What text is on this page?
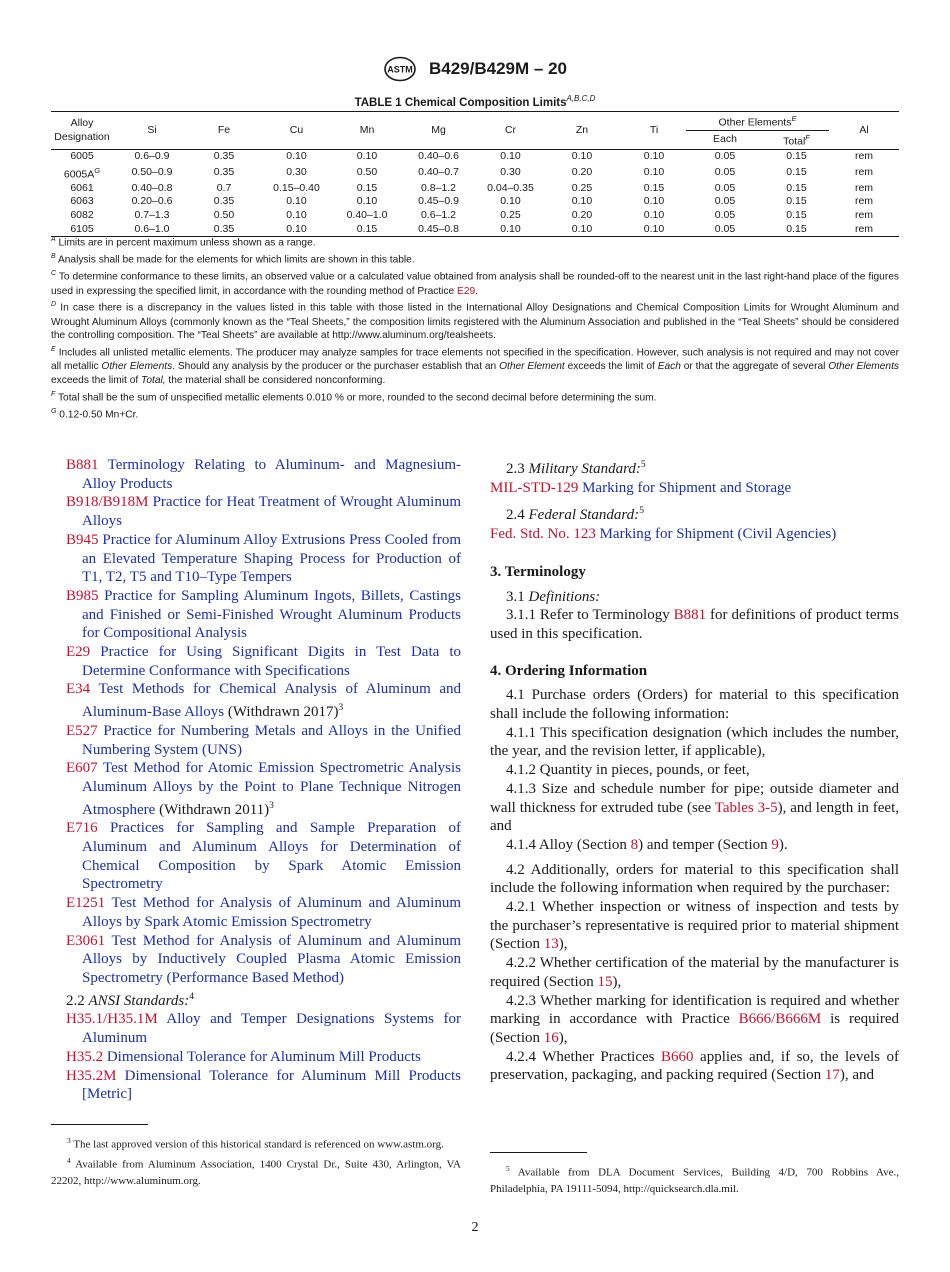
ASTM B429/B429M – 20
TABLE 1 Chemical Composition Limits$^{A,B,C,D}$
Alloy
Designation	Si	Fe	Cu	Mn	Mg	Cr	Zn	Ti	Other Elements$^E$		Al
									Each	Total$^F$
6005	0.6–0.9	0.35	0.10	0.10	0.40–0.6	0.10	0.10	0.10	0.05	0.15	rem
$6005A^G$	0.50–0.9	0.35	0.30	0.50	0.40–0.7	0.30	0.20	0.10	0.05	0.15	rem
6061	0.40–0.8	0.7	0.15–0.40	0.15	0.8–1.2	0.04–0.35	0.25	0.15	0.05	0.15	rem
6063	0.20–0.6	0.35	0.10	0.10	0.45–0.9	0.10	0.10	0.10	0.05	0.15	rem
6082	0.7–1.3	0.50	0.10	0.40–1.0	0.6–1.2	0.25	0.20	0.10	0.05	0.15	rem
6105	0.6–1.0	0.35	0.10	0.15	0.45–0.8	0.10	0.10	0.10	0.05	0.15	rem

$^A$ Limits are in percent maximum unless shown as a range.

$^B$ Analysis shall be made for the elements for which limits are shown in this table.

$^C$ To determine conformance to these limits, an observed value or a calculated value obtained from analysis shall be rounded-off to the nearest unit in the last right-hand place of the figures used in expressing the specified limit, in accordance with the rounding method of Practice E29.

$^D$ In case there is a discrepancy in the values listed in this table with those listed in the International Alloy Designations and Chemical Composition Limits for Wrought Aluminum and Wrought Aluminum Alloys (commonly known as the “Teal Sheets,” the composition limits registered with the Aluminum Association and published in the “Teal Sheets” should be considered the controlling composition. The “Teal Sheets” are available at http://www.aluminum.org/tealsheets.

$^E$ Includes all unlisted metallic elements. The producer may analyze samples for trace elements not specified in the specification. However, such analysis is not required and may not cover all metallic Other Elements. Should any analysis by the producer or the purchaser establish that an Other Element exceeds the limit of Each or that the aggregate of several Other Elements exceeds the limit of Total, the material shall be considered nonconforming.

$^F$ Total shall be the sum of unspecified metallic elements 0.010 % or more, rounded to the second decimal before determining the sum.

$^G$ 0.12-0.50 Mn+Cr.

B881 Terminology Relating to Aluminum- and Magnesium-Alloy Products

B918/B918M Practice for Heat Treatment of Wrought Aluminum Alloys

B945 Practice for Aluminum Alloy Extrusions Press Cooled from an Elevated Temperature Shaping Process for Production of T1, T2, T5 and T10–Type Tempers

B985 Practice for Sampling Aluminum Ingots, Billets, Castings and Finished or Semi-Finished Wrought Aluminum Products for Compositional Analysis

E29 Practice for Using Significant Digits in Test Data to Determine Conformance with Specifications

E34 Test Methods for Chemical Analysis of Aluminum and Aluminum-Base Alloys (Withdrawn 2017)$^3$

E527 Practice for Numbering Metals and Alloys in the Unified Numbering System (UNS)

E607 Test Method for Atomic Emission Spectrometric Analysis Aluminum Alloys by the Point to Plane Technique Nitrogen Atmosphere (Withdrawn 2011)$^3$

E716 Practices for Sampling and Sample Preparation of Aluminum and Aluminum Alloys for Determination of Chemical Composition by Spark Atomic Emission Spectrometry

E1251 Test Method for Analysis of Aluminum and Aluminum Alloys by Spark Atomic Emission Spectrometry

E3061 Test Method for Analysis of Aluminum and Aluminum Alloys by Inductively Coupled Plasma Atomic Emission Spectrometry (Performance Based Method)

2.2 ANSI Standards:$^4$

H35.1/H35.1M Alloy and Temper Designations Systems for Aluminum

H35.2 Dimensional Tolerance for Aluminum Mill Products

H35.2M Dimensional Tolerance for Aluminum Mill Products [Metric]

2.3 Military Standard:$^5$

MIL-STD-129 Marking for Shipment and Storage

2.4 Federal Standard:$^5$

Fed. Std. No. 123 Marking for Shipment (Civil Agencies)

3. Terminology

3.1 Definitions:

3.1.1 Refer to Terminology B881 for definitions of product terms used in this specification.

4. Ordering Information

4.1 Purchase orders (Orders) for material to this specification shall include the following information:

4.1.1 This specification designation (which includes the number, the year, and the revision letter, if applicable),

4.1.2 Quantity in pieces, pounds, or feet,

4.1.3 Size and schedule number for pipe; outside diameter and wall thickness for extruded tube (see Tables 3-5), and length in feet, and

4.1.4 Alloy (Section 8) and temper (Section 9).

4.2 Additionally, orders for material to this specification shall include the following information when required by the purchaser:

4.2.1 Whether inspection or witness of inspection and tests by the purchaser’s representative is required prior to material shipment (Section 13),

4.2.2 Whether certification of the material by the manufacturer is required (Section 15),

4.2.3 Whether marking for identification is required and whether marking in accordance with Practice B666/B666M is required (Section 16),

4.2.4 Whether Practices B660 applies and, if so, the levels of preservation, packaging, and packing required (Section 17), and

$^3$ The last approved version of this historical standard is referenced on www.astm.org.

$^4$ Available from Aluminum Association, 1400 Crystal Dr., Suite 430, Arlington, VA 22202, http://www.aluminum.org.

$^5$ Available from DLA Document Services, Building 4/D, 700 Robbins Ave., Philadelphia, PA 19111-5094, http://quicksearch.dla.mil.

2
